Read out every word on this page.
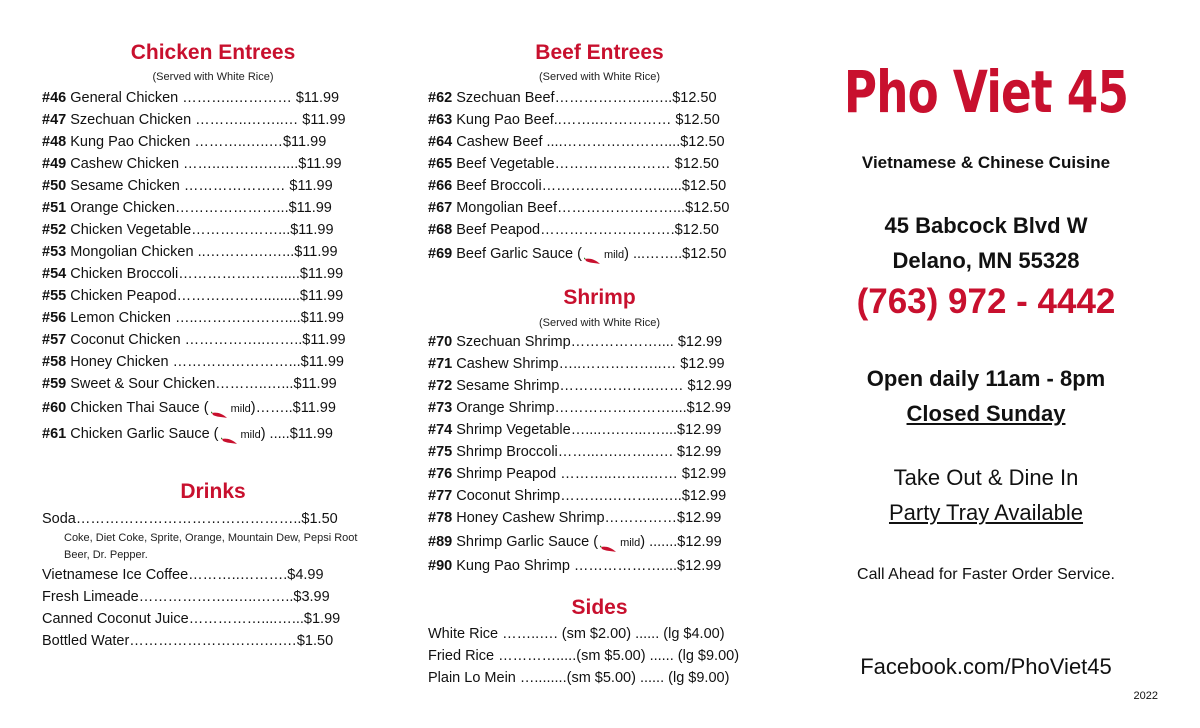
Chicken Entrees
(Served with White Rice)
#46 General Chicken ………..………… $11.99
#47 Szechuan Chicken ………..……..… $11.99
#48 Kung Pao Chicken ………..…..…$11.99
#49 Cashew Chicken ……..……….…....$11.99
#50 Sesame Chicken ………………… $11.99
#51 Orange Chicken…………………...$11.99
#52 Chicken Vegetable………………...$11.99
#53 Mongolian Chicken ..………….…...$11.99
#54 Chicken Broccoli………………….....$11.99
#55 Chicken Peapod……………….........$11.99
#56 Lemon Chicken …..………………....$11.99
#57 Coconut Chicken ……………..……..$11.99
#58 Honey Chicken ……………………...$11.99
#59 Sweet & Sour Chicken………..…...$11.99
#60 Chicken Thai Sauce ( mild)……..$11.99
#61 Chicken Garlic Sauce ( mild) .....$11.99
Drinks
Soda………………………………………..$1.50
Coke, Diet Coke, Sprite, Orange, Mountain Dew, Pepsi Root Beer, Dr. Pepper.
Vietnamese Ice Coffee………..……….$4.99
Fresh Limeade………………..…..……..$3.99
Canned Coconut Juice……………....…...$1.99
Bottled Water……………………….….…$1.50
Beef Entrees
(Served with White Rice)
#62 Szechuan Beef………………..…..$12.50
#63 Kung Pao Beef..……..…………… $12.50
#64 Cashew Beef ....…………………....$12.50
#65 Beef Vegetable…………………… $12.50
#66 Beef Broccoli……………………......$12.50
#67 Mongolian Beef……………………...$12.50
#68 Beef Peapod……………………….$12.50
#69 Beef Garlic Sauce ( mild) ...……..$12.50
Shrimp
(Served with White Rice)
#70 Szechuan Shrimp……………….... $12.99
#71 Cashew Shrimp…..……………..… $12.99
#72 Sesame Shrimp………………..…… $12.99
#73 Orange Shrimp……………………....$12.99
#74 Shrimp Vegetable…....….…...…....$12.99
#75 Shrimp Broccoli……...….……..…. $12.99
#76 Shrimp Peapod ………..……..…… $12.99
#77 Coconut Shrimp……….………..…..$12.99
#78 Honey Cashew Shrimp……………$12.99
#89 Shrimp Garlic Sauce ( mild) .......$12.99
#90 Kung Pao Shrimp ………………....$12.99
Sides
White Rice ……..…. (sm $2.00) ...... (lg $4.00)
Fried Rice ………….....(sm $5.00) ...... (lg $9.00)
Plain Lo Mein …........(sm $5.00) ...... (lg $9.00)
Pho Viet 45
Vietnamese & Chinese Cuisine
45 Babcock Blvd W
Delano, MN 55328
(763) 972 - 4442
Open daily 11am - 8pm
Closed Sunday
Take Out & Dine In
Party Tray Available
Call Ahead for Faster Order Service.
Facebook.com/PhoViet45
2022
